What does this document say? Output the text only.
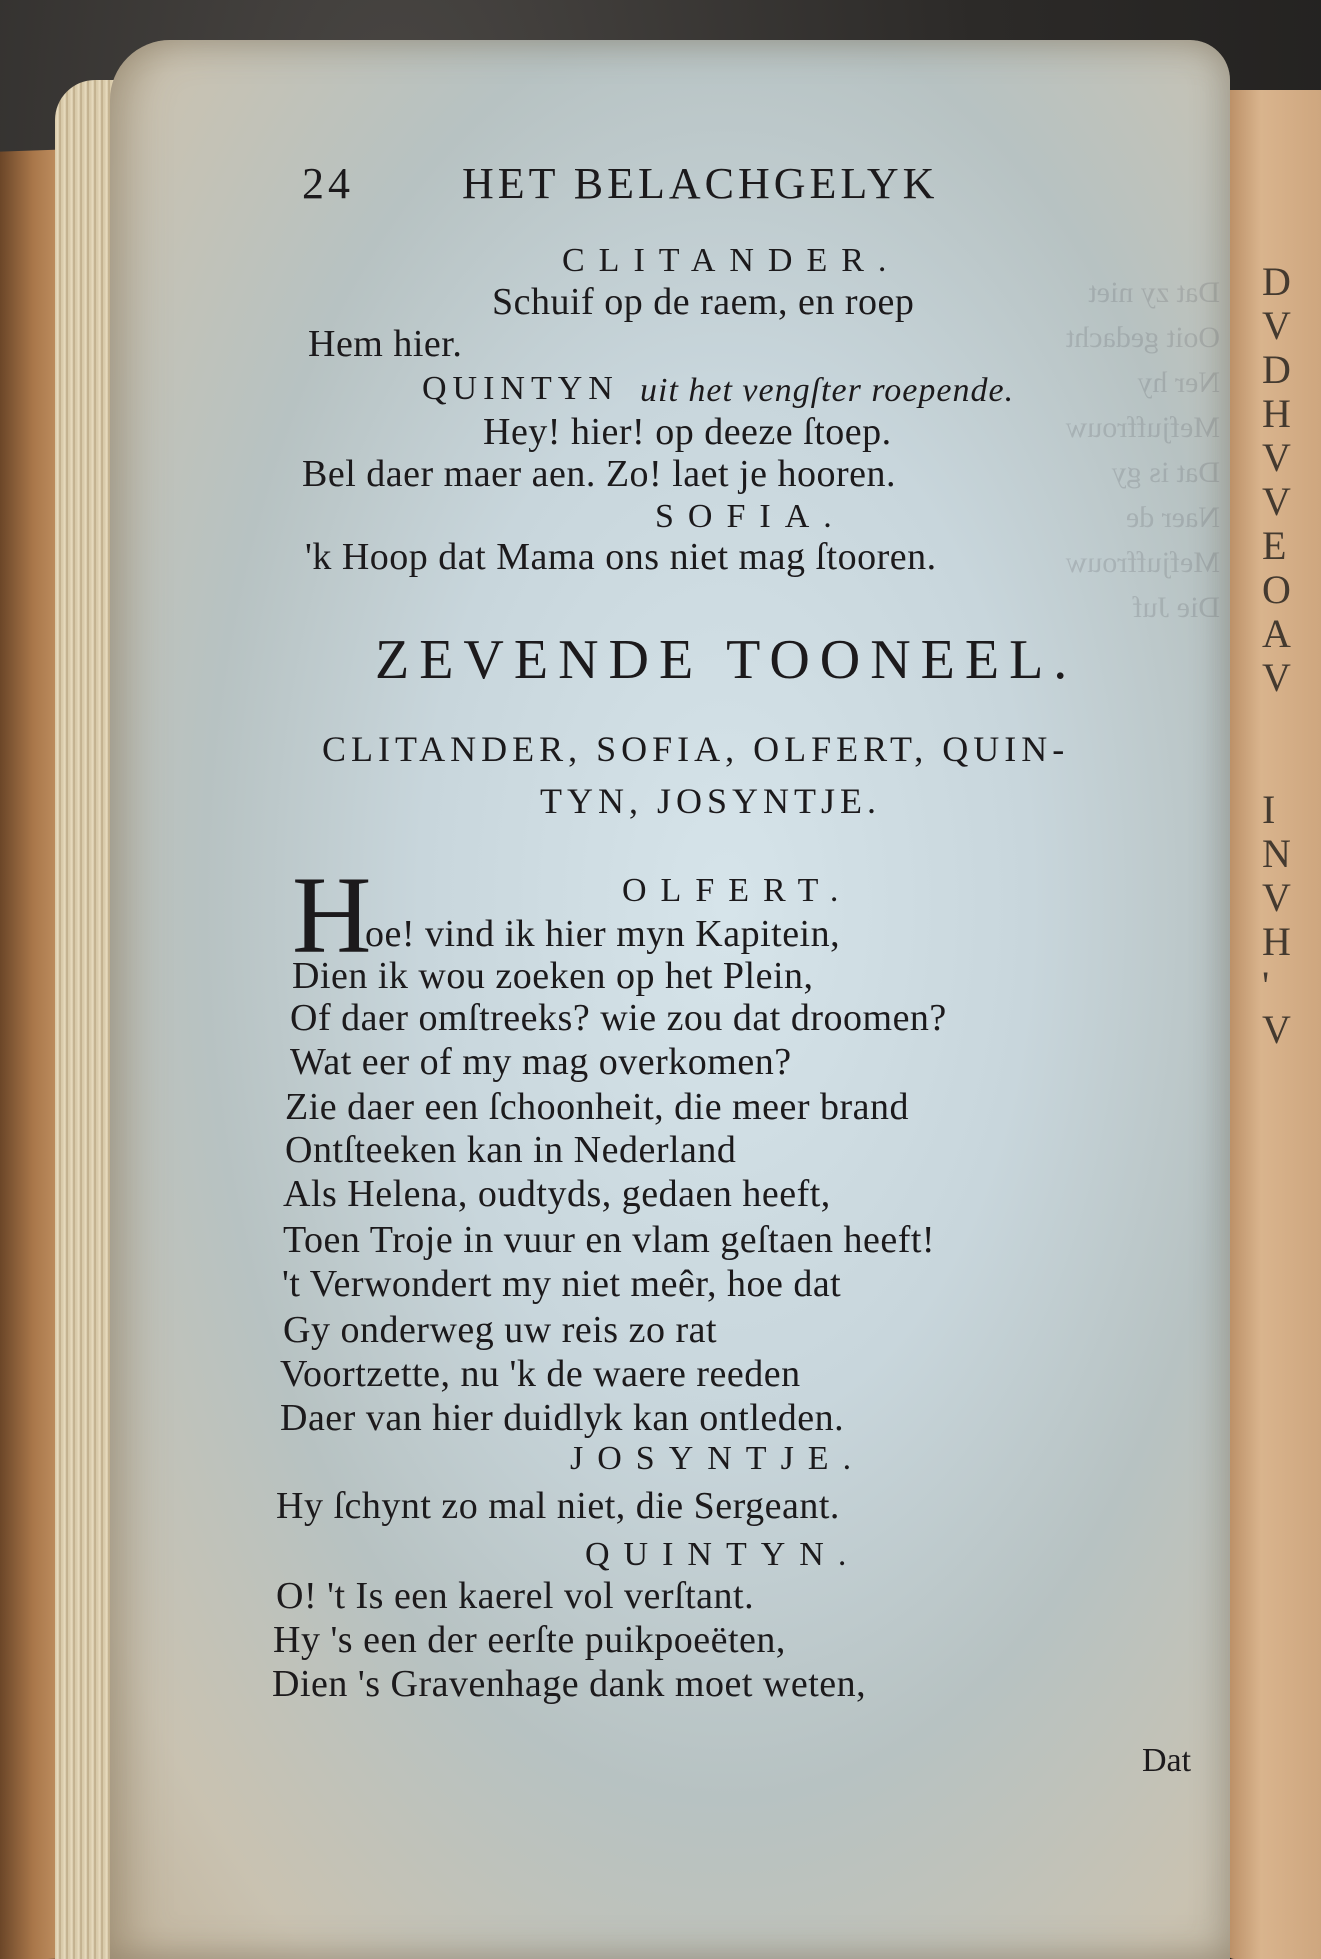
D
V
D
H
V
V
E
O
A
V
I
N
V
H
'
V
Dat zy niet
Ooit gedacht
Ner hy
Mefjuffrouw
Dat is gy
Naer de
Mefjuffrouw
Die Juf
24 HET BELACHGELYK
CLITANDER.
Schuif op de raem, en roep
Hem hier.
QUINTYN uit het vengſter roepende.
Hey! hier! op deeze ſtoep.
Bel daer maer aen. Zo! laet je hooren.
SOFIA.
'k Hoop dat Mama ons niet mag ſtooren.
ZEVENDE TOONEEL.
CLITANDER, SOFIA, OLFERT, QUIN-
TYN, JOSYNTJE.
OLFERT.
H
oe! vind ik hier myn Kapitein,
Dien ik wou zoeken op het Plein,
Of daer omſtreeks? wie zou dat droomen?
Wat eer of my mag overkomen?
Zie daer een ſchoonheit, die meer brand
Ontſteeken kan in Nederland
Als Helena, oudtyds, gedaen heeft,
Toen Troje in vuur en vlam geſtaen heeft!
't Verwondert my niet meêr, hoe dat
Gy onderweg uw reis zo rat
Voortzette, nu 'k de waere reeden
Daer van hier duidlyk kan ontleden.
JOSYNTJE.
Hy ſchynt zo mal niet, die Sergeant.
QUINTYN.
O! 't Is een kaerel vol verſtant.
Hy 's een der eerſte puikpoeëten,
Dien 's Gravenhage dank moet weten,
Dat
